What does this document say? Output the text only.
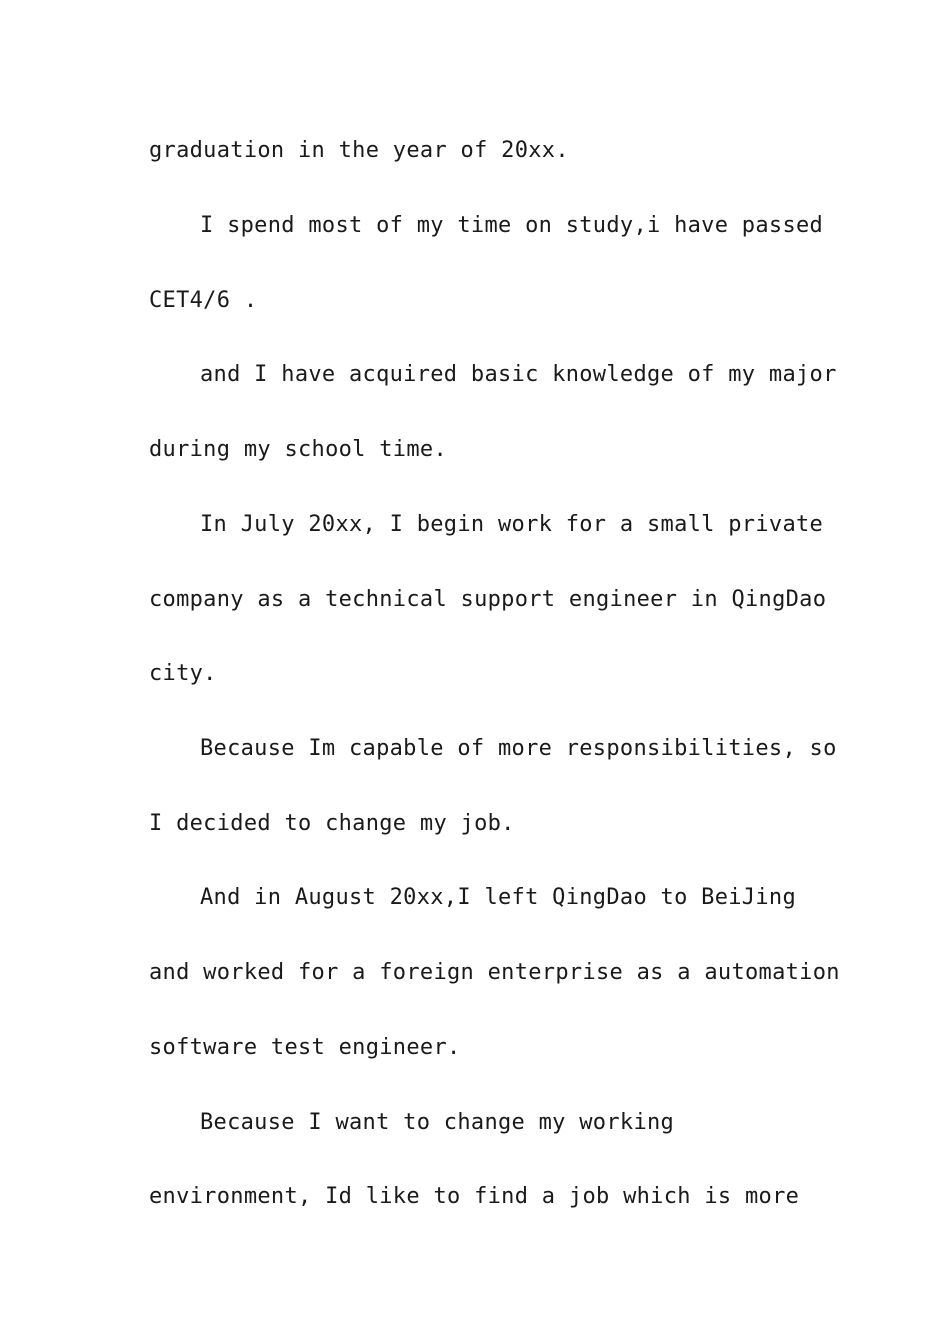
graduation in the year of 20xx.
I spend most of my time on study,i have passed
CET4/6 .
and I have acquired basic knowledge of my major
during my school time.
In July 20xx, I begin work for a small private
company as a technical support engineer in QingDao
city.
Because Im capable of more responsibilities, so
I decided to change my job.
And in August 20xx,I left QingDao to BeiJing
and worked for a foreign enterprise as a automation
software test engineer.
Because I want to change my working
environment, Id like to find a job which is more
